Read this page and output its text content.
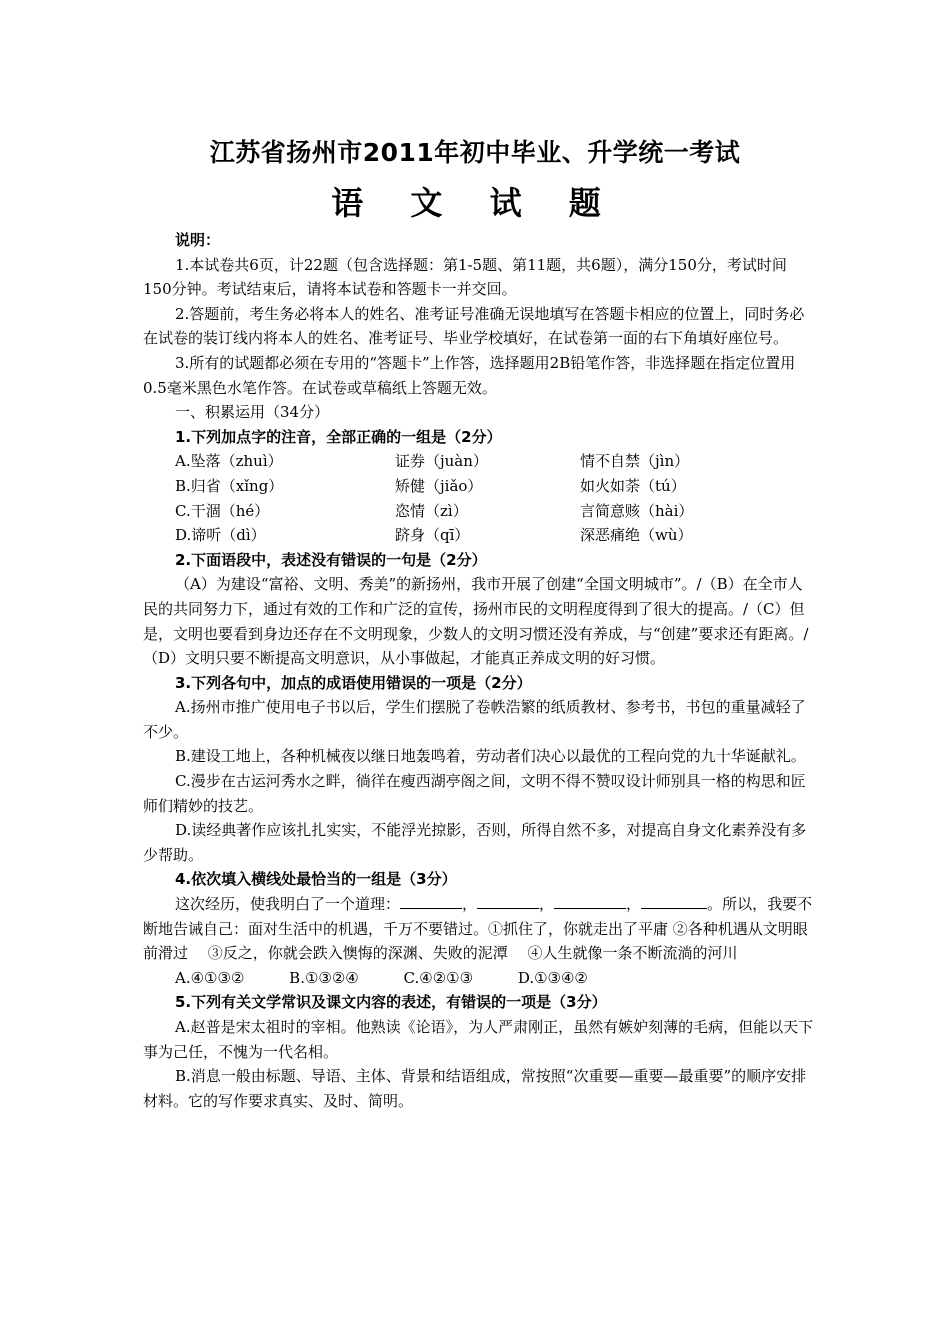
江苏省扬州市2011年初中毕业、升学统一考试
语 文 试 题

说明：

1.本试卷共6页，计22题（包含选择题：第1-5题、第11题，共6题），满分150分，考试时间150分钟。考试结束后，请将本试卷和答题卡一并交回。

2.答题前，考生务必将本人的姓名、准考证号准确无误地填写在答题卡相应的位置上，同时务必在试卷的装订线内将本人的姓名、准考证号、毕业学校填好，在试卷第一面的右下角填好座位号。

3.所有的试题都必须在专用的“答题卡”上作答，选择题用2B铅笔作答，非选择题在指定位置用0.5毫米黑色水笔作答。在试卷或草稿纸上答题无效。

一、积累运用（34分）

1.下列加点字的注音，全部正确的一组是（2分）

A.坠落（zhuì）	证券（juàn）	情不自禁（jìn）
B.归省（xǐng）	矫健（jiǎo）	如火如荼（tú）
C.干涸（hé）	恣情（zì）	言简意赅（hài）
D.谛听（dì）	跻身（qī）	深恶痛绝（wù）

2.下面语段中，表述没有错误的一句是（2分）

（A）为建设“富裕、文明、秀美”的新扬州，我市开展了创建“全国文明城市”。/（B）在全市人民的共同努力下，通过有效的工作和广泛的宣传，扬州市民的文明程度得到了很大的提高。/（C）但是，文明也要看到身边还存在不文明现象，少数人的文明习惯还没有养成，与“创建”要求还有距离。/（D）文明只要不断提高文明意识，从小事做起，才能真正养成文明的好习惯。

3.下列各句中，加点的成语使用错误的一项是（2分）

A.扬州市推广使用电子书以后，学生们摆脱了卷帙浩繁的纸质教材、参考书，书包的重量减轻了不少。

B.建设工地上，各种机械夜以继日地轰鸣着，劳动者们决心以最优的工程向党的九十华诞献礼。

C.漫步在古运河秀水之畔，徜徉在瘦西湖亭阁之间，文明不得不赞叹设计师别具一格的构思和匠师们精妙的技艺。

D.读经典著作应该扎扎实实，不能浮光掠影，否则，所得自然不多，对提高自身文化素养没有多少帮助。

4.依次填入横线处最恰当的一组是（3分）

这次经历，使我明白了一个道理：	，	，	，	。所以，我要不断地告诫自己：面对生活中的机遇，千万不要错过。①抓住了，你就走出了平庸 ②各种机遇从文明眼前滑过　 ③反之，你就会跌入懊悔的深渊、失败的泥潭　 ④人生就像一条不断流淌的河川

A.④①③②	B.①③②④	C.④②①③	D.①③④②

5.下列有关文学常识及课文内容的表述，有错误的一项是（3分）

A.赵普是宋太祖时的宰相。他熟读《论语》，为人严肃刚正，虽然有嫉妒刻薄的毛病，但能以天下事为己任，不愧为一代名相。

B.消息一般由标题、导语、主体、背景和结语组成，常按照“次重要—重要—最重要”的顺序安排材料。它的写作要求真实、及时、简明。
